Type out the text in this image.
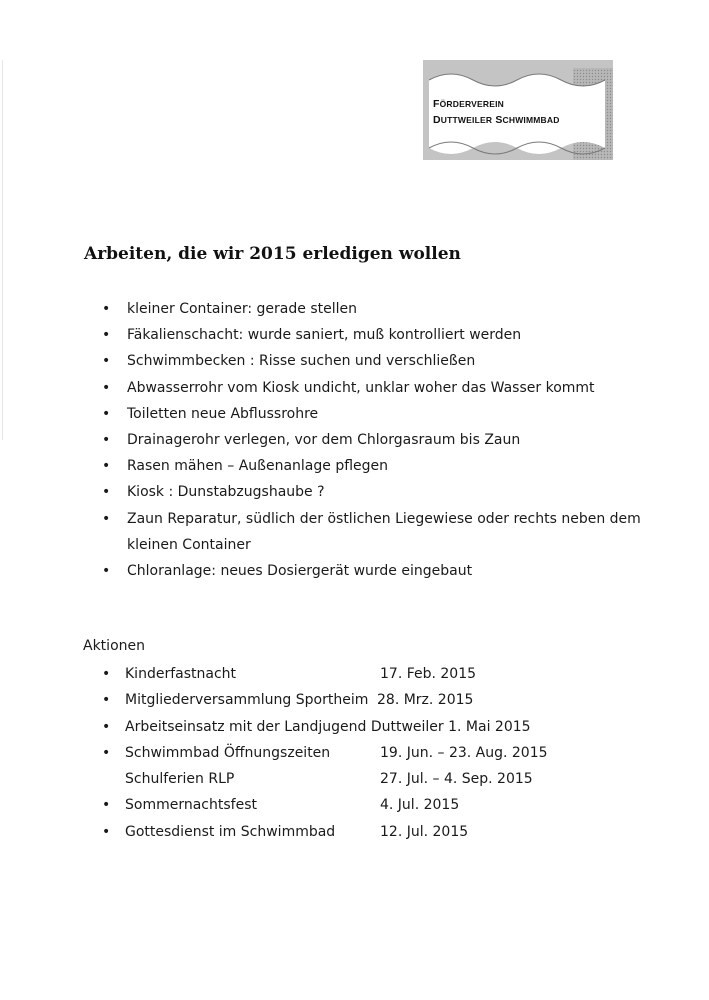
FÖRDERVEREIN
DUTTWEILER SCHWIMMBAD
Arbeiten, die wir 2015 erledigen wollen
• kleiner Container: gerade stellen
• Fäkalienschacht: wurde saniert, muß kontrolliert werden
• Schwimmbecken : Risse suchen und verschließen
• Abwasserrohr vom Kiosk undicht, unklar woher das Wasser kommt
• Toiletten neue Abflussrohre
• Drainagerohr verlegen, vor dem Chlorgasraum bis Zaun
• Rasen mähen – Außenanlage pflegen
• Kiosk : Dunstabzugshaube ?
• Zaun Reparatur, südlich der östlichen Liegewiese oder rechts neben dem kleinen Container
• Chloranlage: neues Dosiergerät wurde eingebaut
Aktionen
• Kinderfastnacht	17. Feb. 2015
• Mitgliederversammlung Sportheim 28. Mrz. 2015
• Arbeitseinsatz mit der Landjugend Duttweiler 1. Mai 2015
• Schwimmbad Öffnungszeiten	19. Jun. – 23. Aug. 2015
Schulferien RLP	27. Jul. – 4. Sep. 2015
• Sommernachtsfest	4. Jul. 2015
• Gottesdienst im Schwimmbad	12. Jul. 2015
